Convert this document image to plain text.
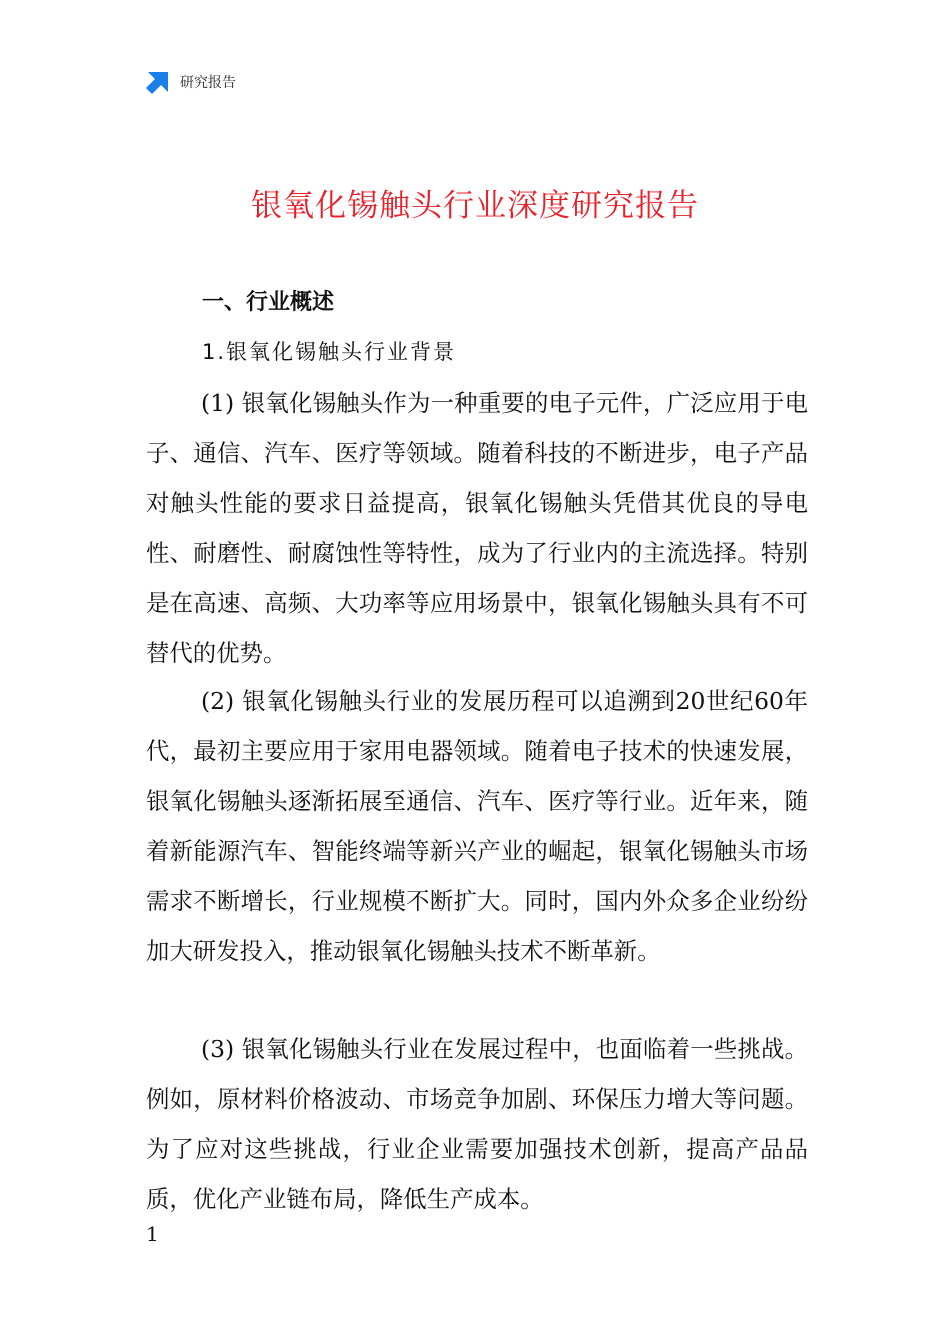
研究报告
银氧化锡触头行业深度研究报告
一、行业概述
1.银氧化锡触头行业背景

(1) 银氧化锡触头作为一种重要的电子元件，广泛应用于电子、通信、汽车、医疗等领域。随着科技的不断进步，电子产品对触头性能的要求日益提高，银氧化锡触头凭借其优良的导电性、耐磨性、耐腐蚀性等特性，成为了行业内的主流选择。特别是在高速、高频、大功率等应用场景中，银氧化锡触头具有不可替代的优势。

(2) 银氧化锡触头行业的发展历程可以追溯到20世纪60年代，最初主要应用于家用电器领域。随着电子技术的快速发展，银氧化锡触头逐渐拓展至通信、汽车、医疗等行业。近年来，随着新能源汽车、智能终端等新兴产业的崛起，银氧化锡触头市场需求不断增长，行业规模不断扩大。同时，国内外众多企业纷纷加大研发投入，推动银氧化锡触头技术不断革新。

(3) 银氧化锡触头行业在发展过程中，也面临着一些挑战。例如，原材料价格波动、市场竞争加剧、环保压力增大等问题。为了应对这些挑战，行业企业需要加强技术创新，提高产品品质，优化产业链布局，降低生产成本。

1
